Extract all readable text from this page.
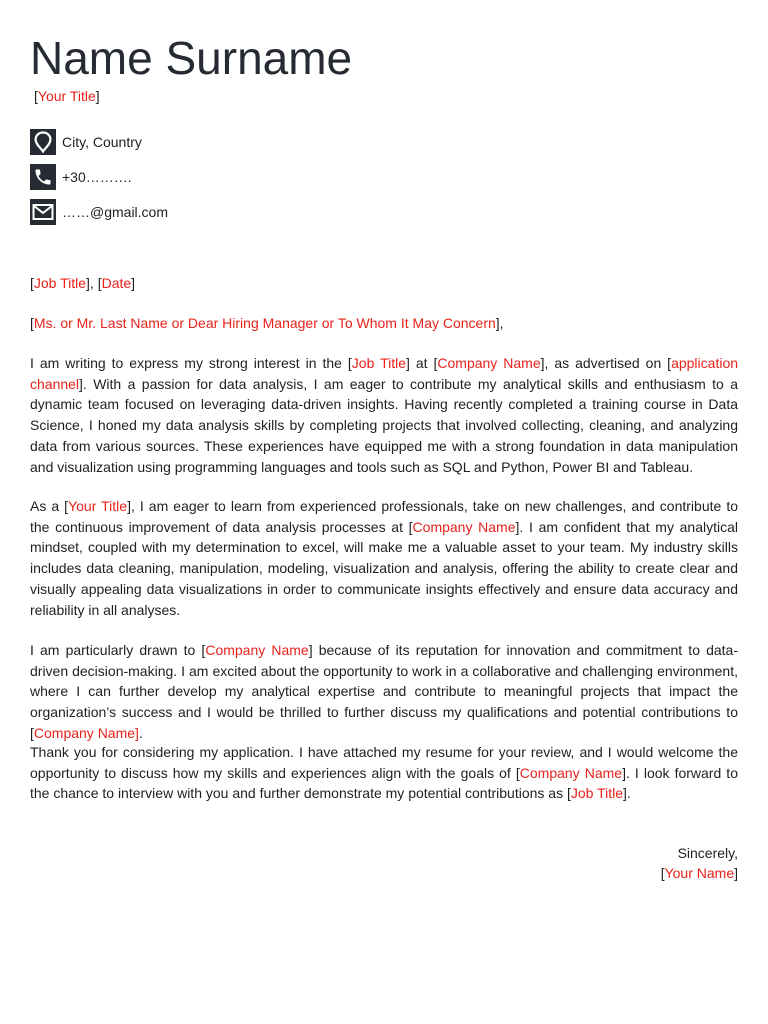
Name Surname
[Your Title]
City, Country
+30……….
……@gmail.com
[Job Title], [Date]
[Ms. or Mr. Last Name or Dear Hiring Manager or To Whom It May Concern],
I am writing to express my strong interest in the [Job Title] at [Company Name], as advertised on [application channel]. With a passion for data analysis, I am eager to contribute my analytical skills and enthusiasm to a dynamic team focused on leveraging data-driven insights. Having recently completed a training course in Data Science, I honed my data analysis skills by completing projects that involved collecting, cleaning, and analyzing data from various sources. These experiences have equipped me with a strong foundation in data manipulation and visualization using programming languages and tools such as SQL and Python, Power BI and Tableau.
As a [Your Title], I am eager to learn from experienced professionals, take on new challenges, and contribute to the continuous improvement of data analysis processes at [Company Name]. I am confident that my analytical mindset, coupled with my determination to excel, will make me a valuable asset to your team. My industry skills includes data cleaning, manipulation, modeling, visualization and analysis, offering the ability to create clear and visually appealing data visualizations in order to communicate insights effectively and ensure data accuracy and reliability in all analyses.
I am particularly drawn to [Company Name] because of its reputation for innovation and commitment to data-driven decision-making. I am excited about the opportunity to work in a collaborative and challenging environment, where I can further develop my analytical expertise and contribute to meaningful projects that impact the organization’s success and I would be thrilled to further discuss my qualifications and potential contributions to [Company Name].
Thank you for considering my application. I have attached my resume for your review, and I would welcome the opportunity to discuss how my skills and experiences align with the goals of [Company Name]. I look forward to the chance to interview with you and further demonstrate my potential contributions as [Job Title].
Sincerely,
[Your Name]
